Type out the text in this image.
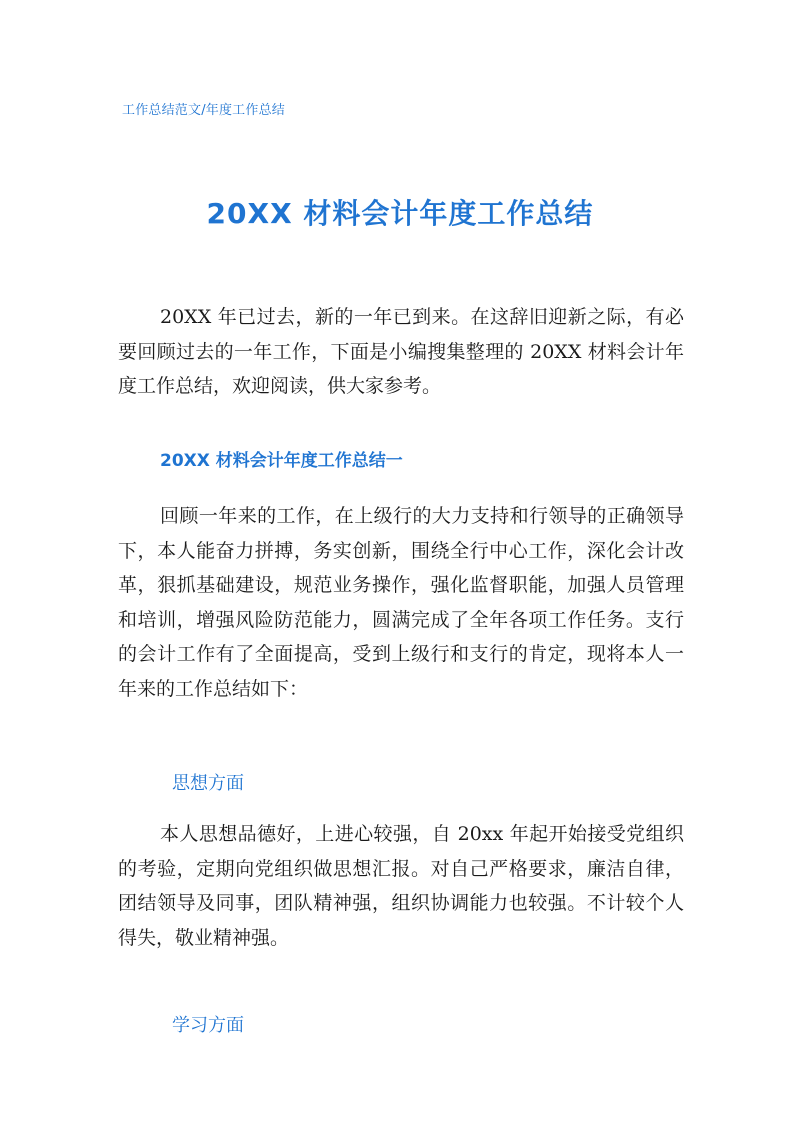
工作总结范文/年度工作总结
20XX 材料会计年度工作总结

20XX 年已过去，新的一年已到来。在这辞旧迎新之际，有必要回顾过去的一年工作，下面是小编搜集整理的 20XX 材料会计年度工作总结，欢迎阅读，供大家参考。

20XX 材料会计年度工作总结一

回顾一年来的工作，在上级行的大力支持和行领导的正确领导下，本人能奋力拼搏，务实创新，围绕全行中心工作，深化会计改革，狠抓基础建设，规范业务操作，强化监督职能，加强人员管理和培训，增强风险防范能力，圆满完成了全年各项工作任务。支行的会计工作有了全面提高，受到上级行和支行的肯定，现将本人一年来的工作总结如下：

思想方面

本人思想品德好，上进心较强，自 20xx 年起开始接受党组织的考验，定期向党组织做思想汇报。对自己严格要求，廉洁自律，团结领导及同事，团队精神强，组织协调能力也较强。不计较个人得失，敬业精神强。

学习方面
